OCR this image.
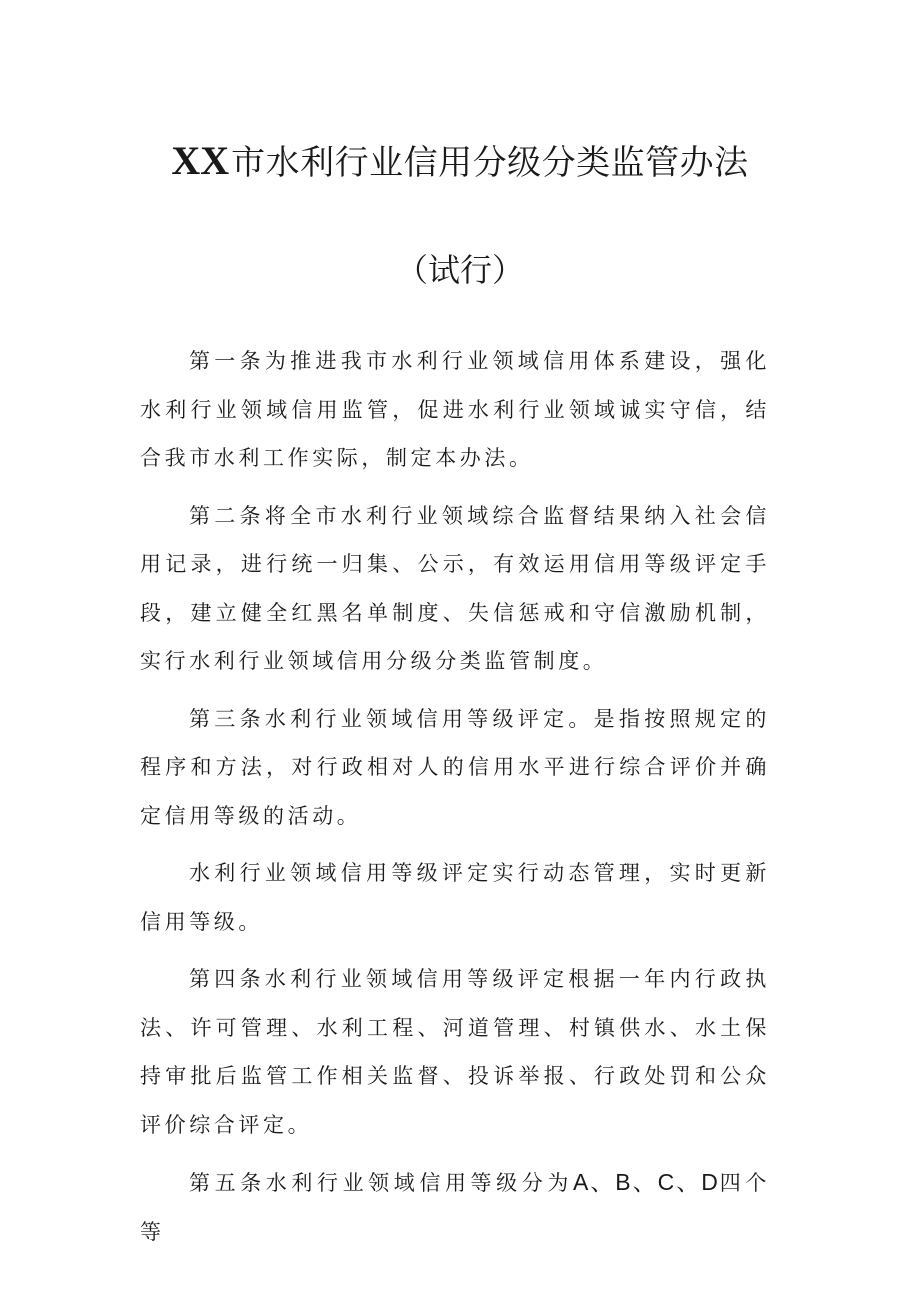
XX市水利行业信用分级分类监管办法
（试行）

第一条为推进我市水利行业领域信用体系建设，强化水利行业领域信用监管，促进水利行业领域诚实守信，结合我市水利工作实际，制定本办法。

第二条将全市水利行业领域综合监督结果纳入社会信用记录，进行统一归集、公示，有效运用信用等级评定手段，建立健全红黑名单制度、失信惩戒和守信激励机制，实行水利行业领域信用分级分类监管制度。

第三条水利行业领域信用等级评定。是指按照规定的程序和方法，对行政相对人的信用水平进行综合评价并确定信用等级的活动。

水利行业领域信用等级评定实行动态管理，实时更新信用等级。

第四条水利行业领域信用等级评定根据一年内行政执法、许可管理、水利工程、河道管理、村镇供水、水土保持审批后监管工作相关监督、投诉举报、行政处罚和公众评价综合评定。

第五条水利行业领域信用等级分为A、B、C、D四个等
